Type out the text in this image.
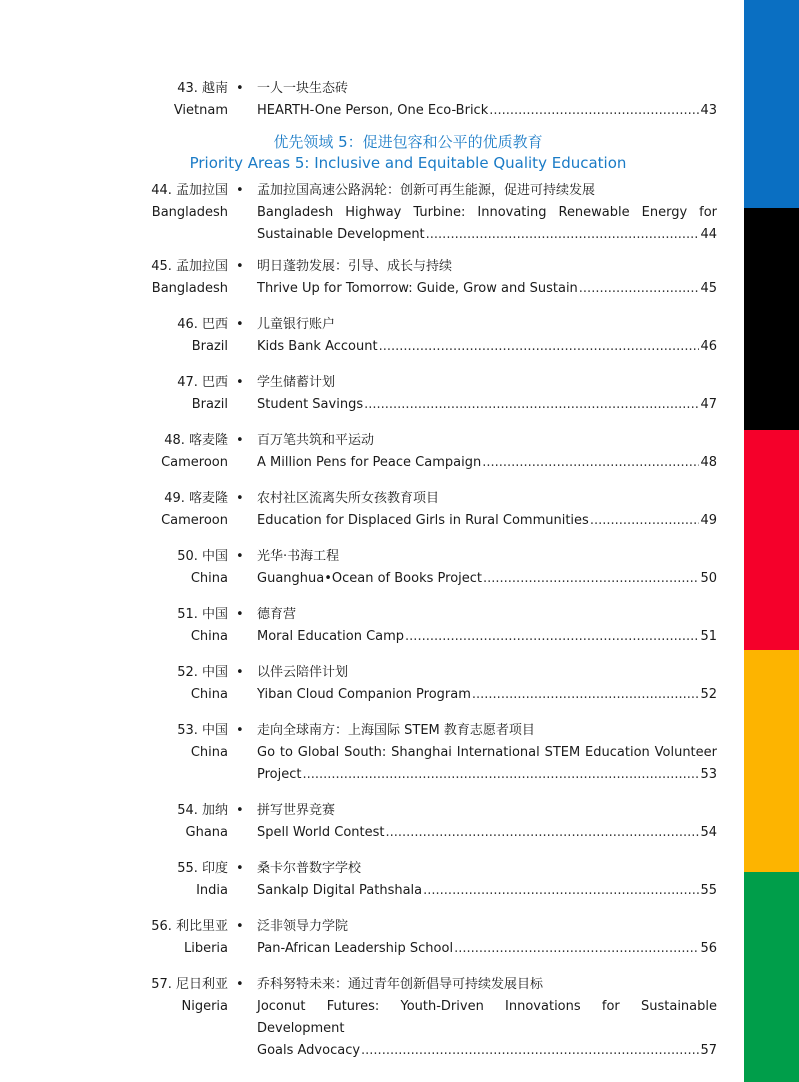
43. 越南
Vietnam
• 一人一块生态砖
HEARTH-One Person, One Eco-Brick .....	43
优先领域 5：促进包容和公平的优质教育
Priority Areas 5: Inclusive and Equitable Quality Education
44. 孟加拉国
Bangladesh
• 孟加拉国高速公路涡轮：创新可再生能源，促进可持续发展
Bangladesh Highway Turbine: Innovating Renewable Energy for
Sustainable Development .....	44
45. 孟加拉国
Bangladesh
• 明日蓬勃发展：引导、成长与持续
Thrive Up for Tomorrow: Guide, Grow and Sustain .....	45
46. 巴西
Brazil
• 儿童银行账户
Kids Bank Account .....	46
47. 巴西
Brazil
• 学生储蓄计划
Student Savings .....	47
48. 喀麦隆
Cameroon
• 百万笔共筑和平运动
A Million Pens for Peace Campaign .....	48
49. 喀麦隆
Cameroon
• 农村社区流离失所女孩教育项目
Education for Displaced Girls in Rural Communities .....	49
50. 中国
China
• 光华·书海工程
Guanghua•Ocean of Books Project .....	50
51. 中国
China
• 德育营
Moral Education Camp .....	51
52. 中国
China
• 以伴云陪伴计划
Yiban Cloud Companion Program .....	52
53. 中国
China
• 走向全球南方：上海国际 STEM 教育志愿者项目
Go to Global South: Shanghai International STEM Education Volunteer
Project .....	53
54. 加纳
Ghana
• 拼写世界竞赛
Spell World Contest .....	54
55. 印度
India
• 桑卡尔普数字学校
Sankalp Digital Pathshala .....	55
56. 利比里亚
Liberia
• 泛非领导力学院
Pan-African Leadership School .....	56
57. 尼日利亚
Nigeria
• 乔科努特未来：通过青年创新倡导可持续发展目标
Joconut Futures: Youth-Driven Innovations for Sustainable Development
Goals Advocacy .....	57
